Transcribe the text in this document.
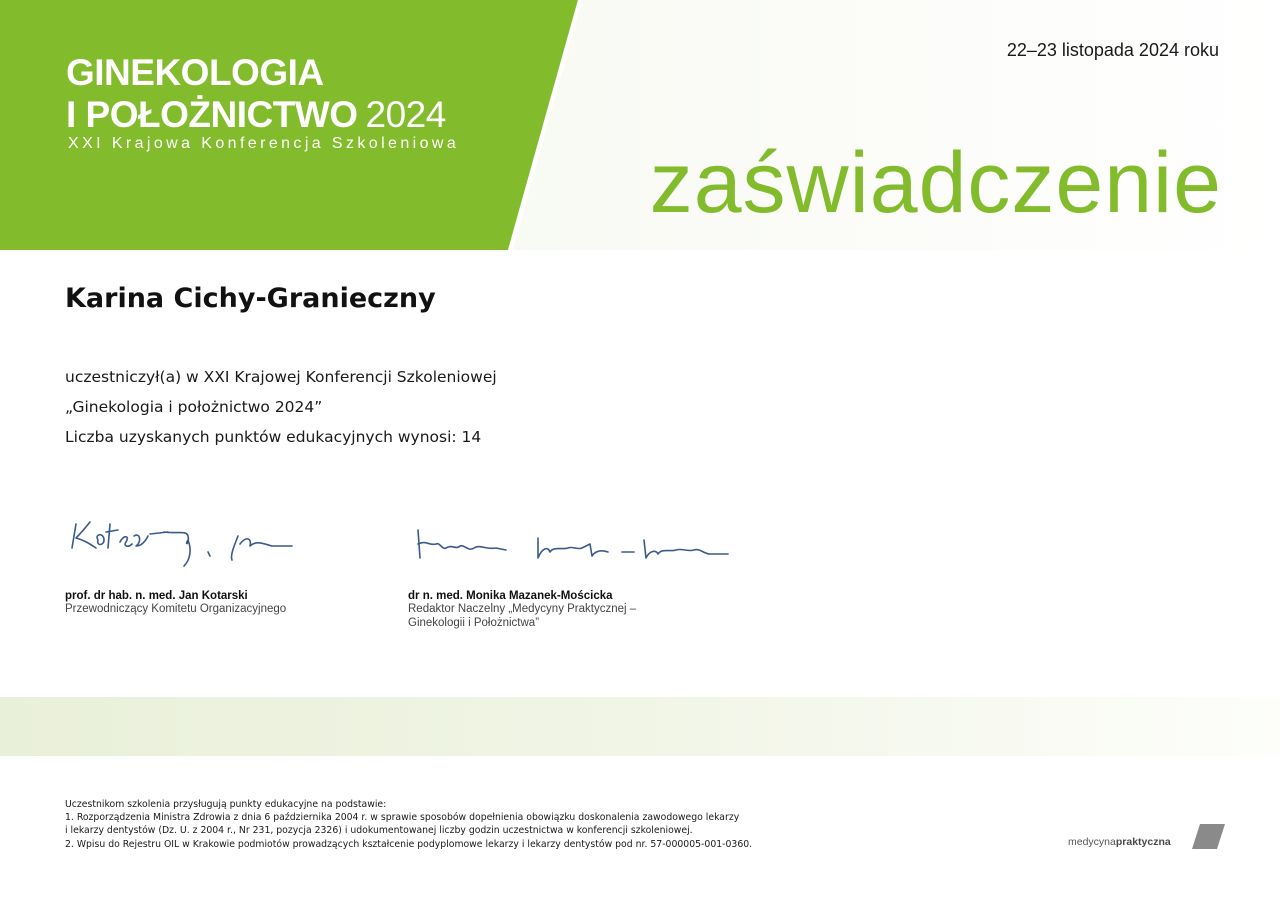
GINEKOLOGIA
I POŁOŻNICTWO 2024
XXI Krajowa Konferencja Szkoleniowa
22–23 listopada 2024 roku
zaświadczenie
Karina Cichy-Granieczny
uczestniczył(a) w XXI Krajowej Konferencji Szkoleniowej
„Ginekologia i położnictwo 2024”
Liczba uzyskanych punktów edukacyjnych wynosi: 14
prof. dr hab. n. med. Jan Kotarski
Przewodniczący Komitetu Organizacyjnego
dr n. med. Monika Mazanek-Mościcka
Redaktor Naczelny „Medycyny Praktycznej –
Ginekologii i Położnictwa”
Uczestnikom szkolenia przysługują punkty edukacyjne na podstawie:
1. Rozporządzenia Ministra Zdrowia z dnia 6 października 2004 r. w sprawie sposobów dopełnienia obowiązku doskonalenia zawodowego lekarzy
i lekarzy dentystów (Dz. U. z 2004 r., Nr 231, pozycja 2326) i udokumentowanej liczby godzin uczestnictwa w konferencji szkoleniowej.
2. Wpisu do Rejestru OIL w Krakowie podmiotów prowadzących kształcenie podyplomowe lekarzy i lekarzy dentystów pod nr. 57-000005-001-0360.	medycynapraktyczna
